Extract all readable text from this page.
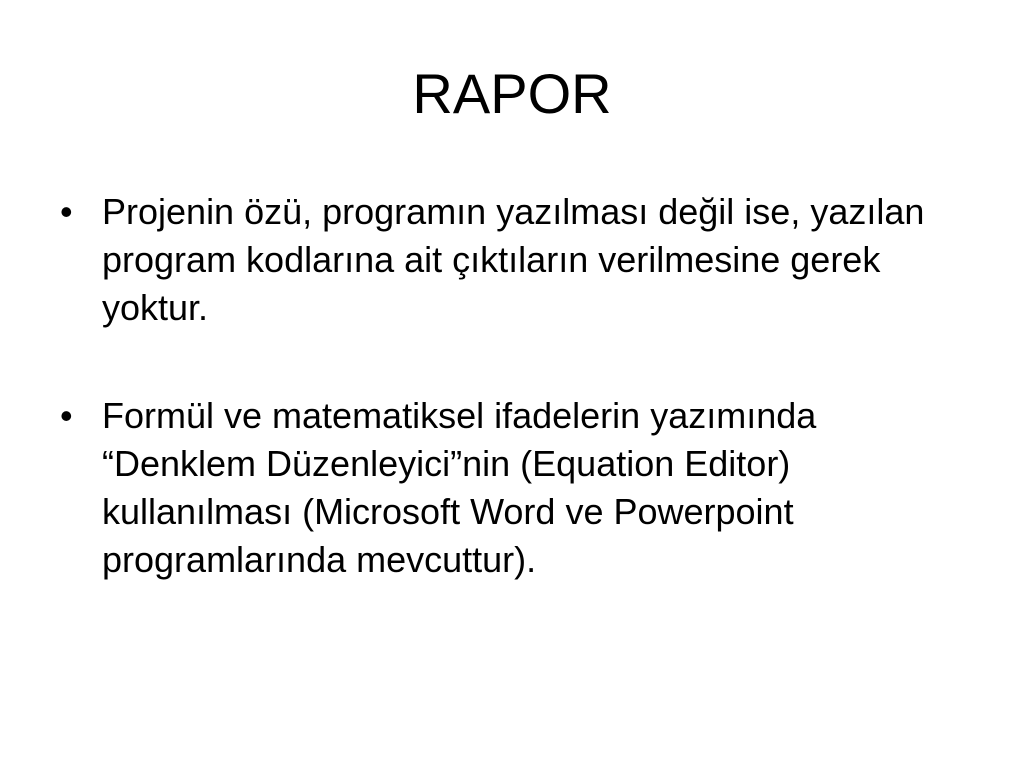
RAPOR
• Projenin özü, programın yazılması değil ise, yazılan program kodlarına ait çıktıların verilmesine gerek yoktur.
• Formül ve matematiksel ifadelerin yazımında “Denklem Düzenleyici”nin (Equation Editor) kullanılması (Microsoft Word ve Powerpoint programlarında mevcuttur).
